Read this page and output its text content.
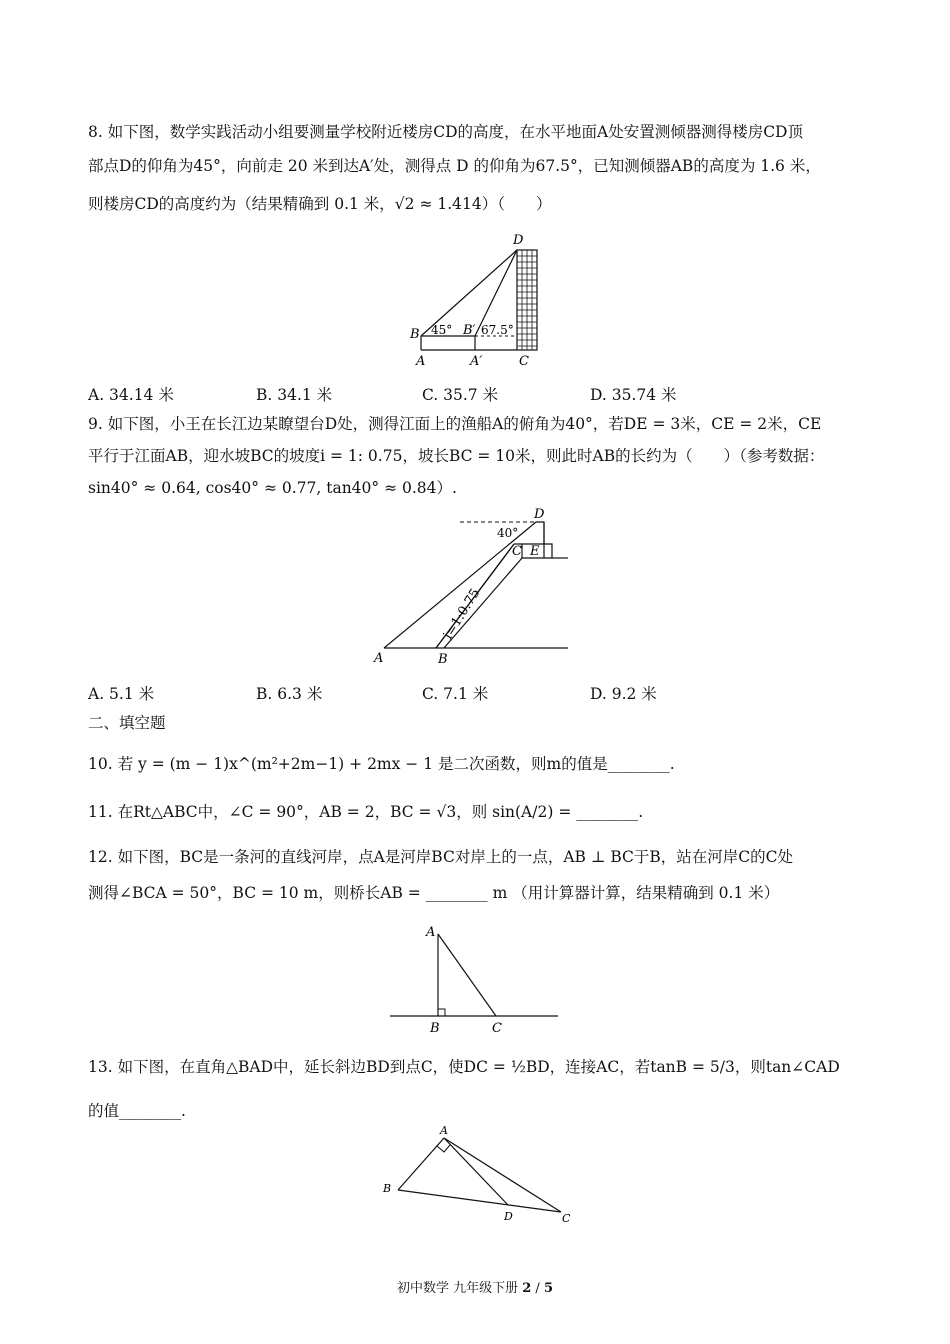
8. 如下图，数学实践活动小组要测量学校附近楼房CD的高度，在水平地面A处安置测倾器测得楼房CD顶
部点D的仰角为45°，向前走 20 米到达A′处，测得点 D 的仰角为67.5°，已知测倾器AB的高度为 1.6 米，
则楼房CD的高度约为（结果精确到 0.1 米，√2 ≈ 1.414）（　　）
D
B 45° B′ 67.5°
A	A′	C
A. 34.14 米	B. 34.1 米	C. 35.7 米	D. 35.74 米
9. 如下图，小王在长江边某瞭望台D处，测得江面上的渔船A的俯角为40°，若DE = 3米，CE = 2米，CE
平行于江面AB，迎水坡BC的坡度i = 1: 0.75，坡长BC = 10米，则此时AB的长约为（　　）（参考数据：
sin40° ≈ 0.64, cos40° ≈ 0.77, tan40° ≈ 0.84）.
D
40°
C E
i=1:0.75
A	B
A. 5.1 米	B. 6.3 米	C. 7.1 米	D. 9.2 米
二、填空题
10. 若 y = (m − 1)x^(m²+2m−1) + 2mx − 1 是二次函数，则m的值是________.
11. 在Rt△ABC中，∠C = 90°，AB = 2，BC = √3，则 sin(A/2) = ________.
12. 如下图，BC是一条河的直线河岸，点A是河岸BC对岸上的一点，AB ⊥ BC于B，站在河岸C的C处
测得∠BCA = 50°，BC = 10 m，则桥长AB = ________ m （用计算器计算，结果精确到 0.1 米）
A
B	C
13. 如下图，在直角△BAD中，延长斜边BD到点C，使DC = ½BD，连接AC，若tanB = 5/3，则tan∠CAD
的值________.
A
B
D	C
初中数学 九年级下册 2 / 5
